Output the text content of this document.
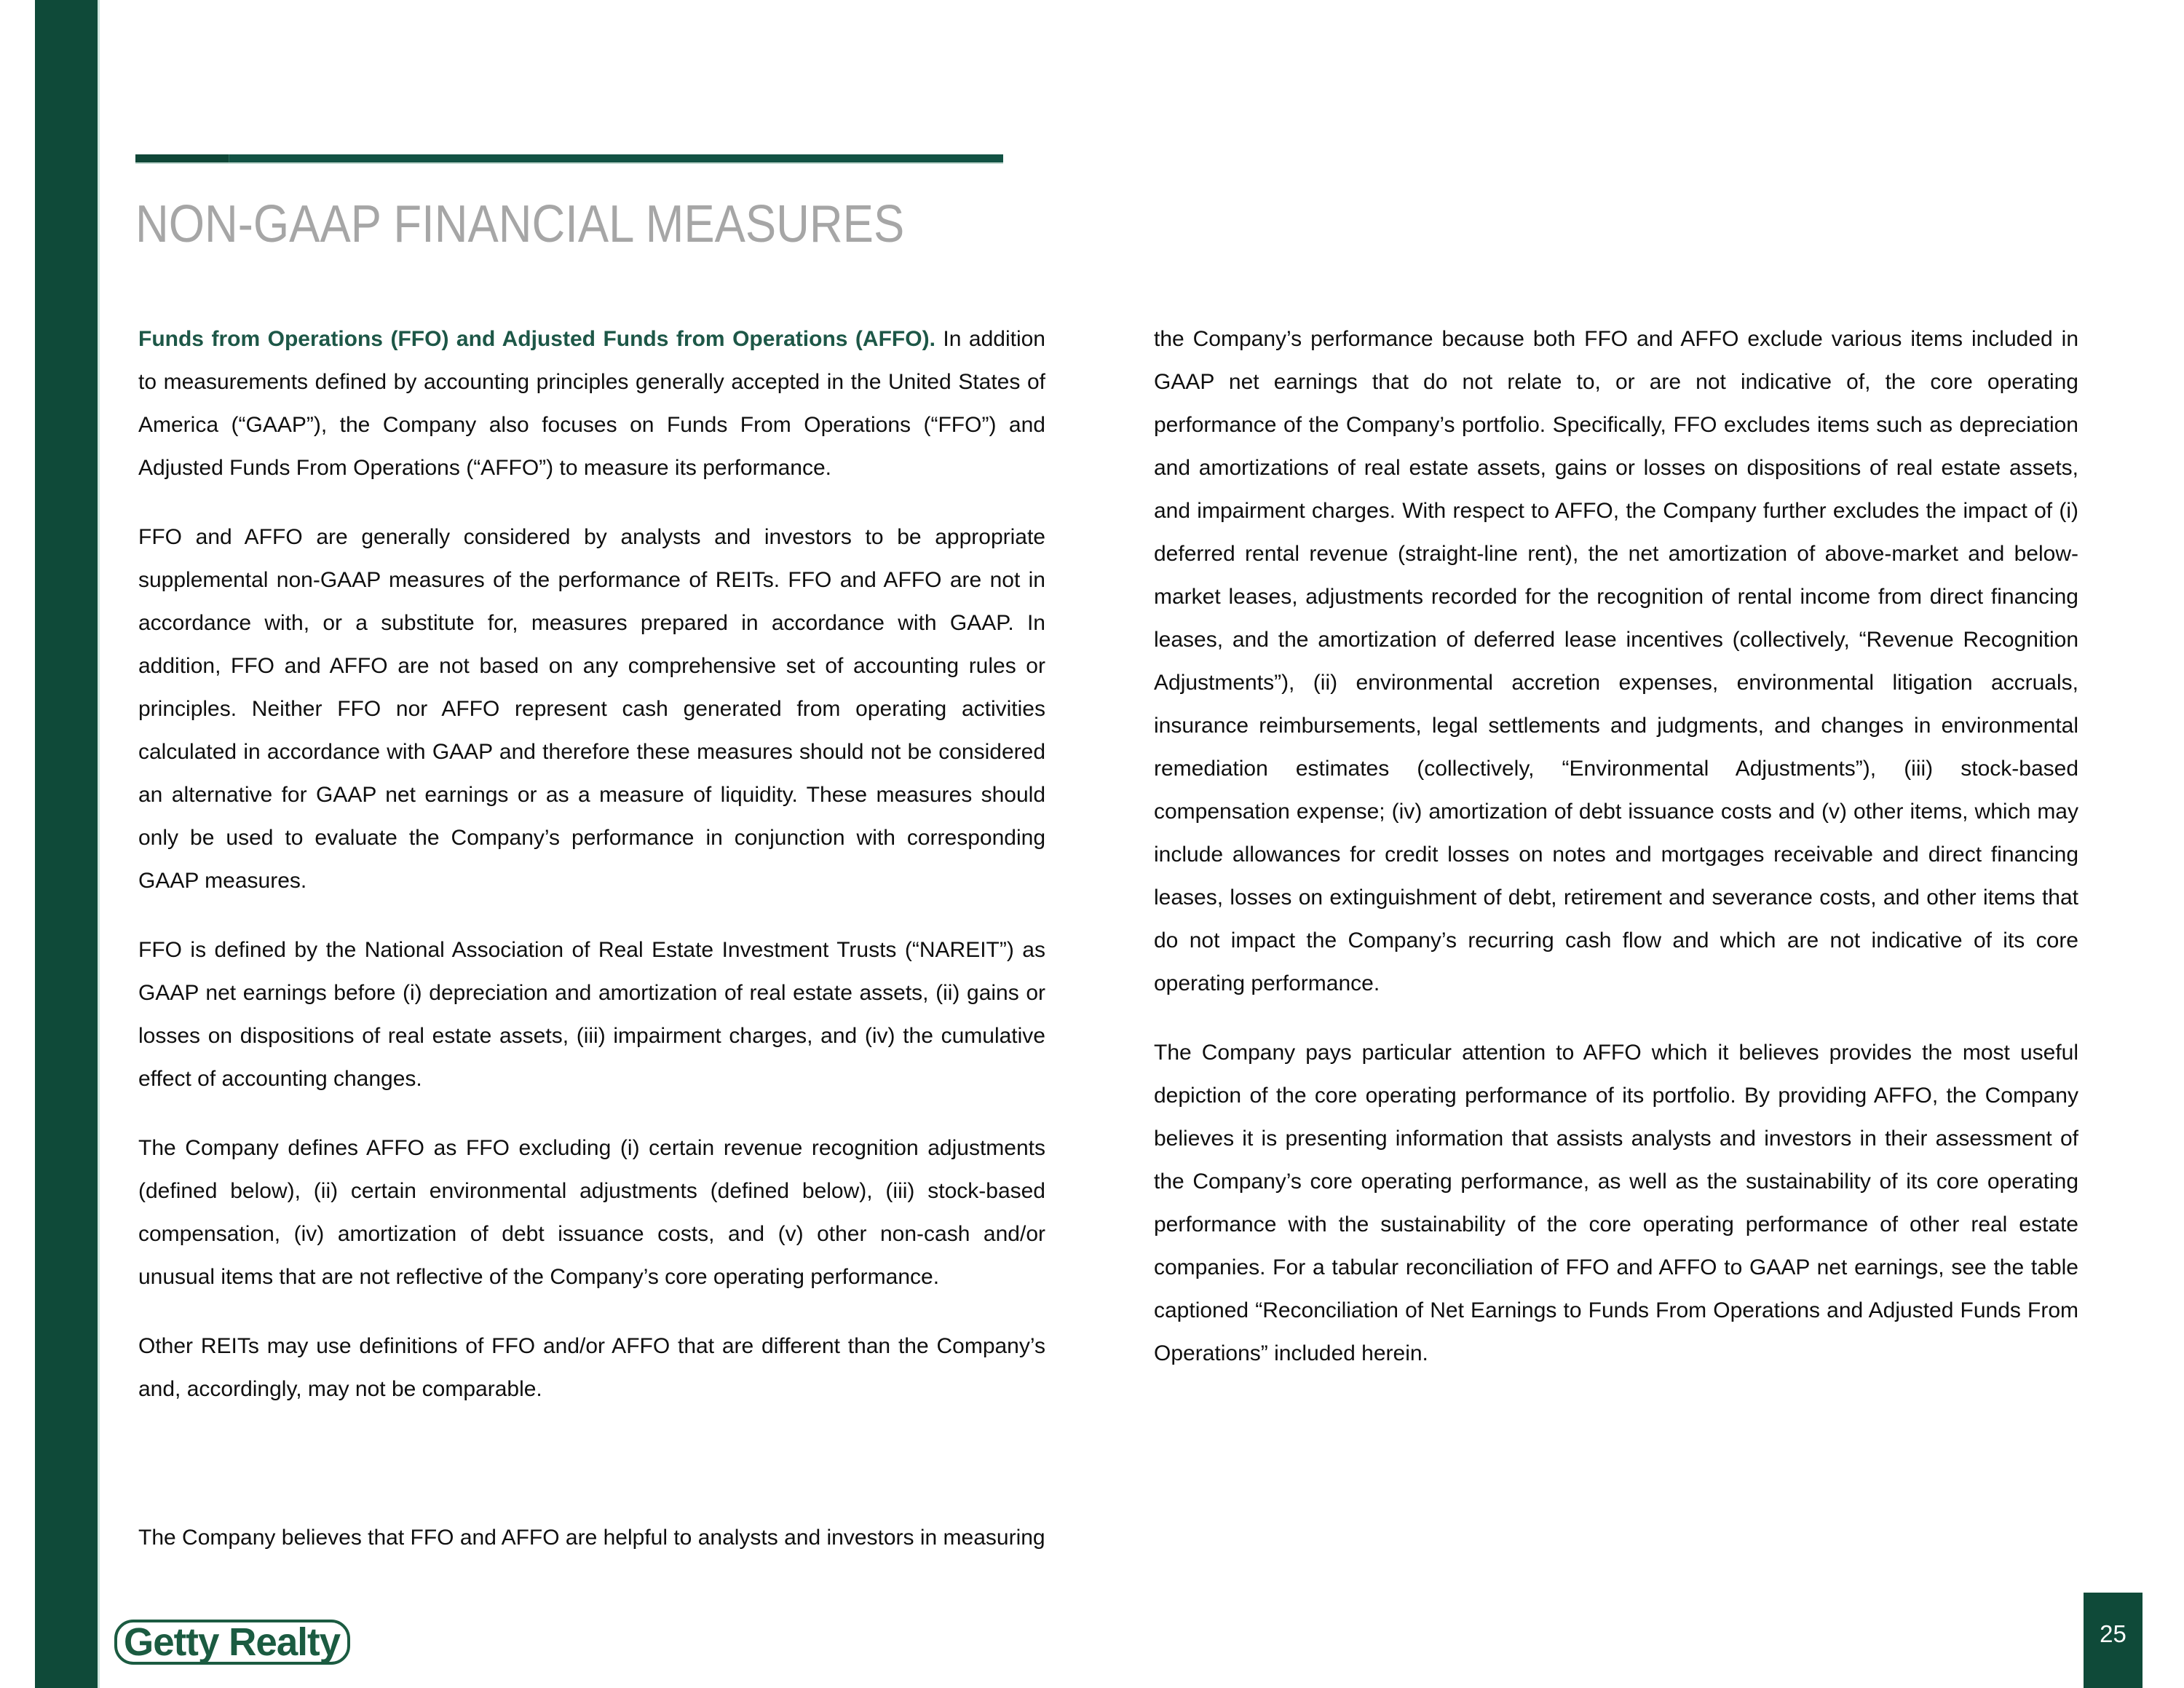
NON-GAAP FINANCIAL MEASURES

Funds from Operations (FFO) and Adjusted Funds from Operations (AFFO). In addition to measurements defined by accounting principles generally accepted in the United States of America (“GAAP”), the Company also focuses on Funds From Operations (“FFO”) and Adjusted Funds From Operations (“AFFO”) to measure its performance.

FFO and AFFO are generally considered by analysts and investors to be appropriate supplemental non-GAAP measures of the performance of REITs. FFO and AFFO are not in accordance with, or a substitute for, measures prepared in accordance with GAAP. In addition, FFO and AFFO are not based on any comprehensive set of accounting rules or principles. Neither FFO nor AFFO represent cash generated from operating activities calculated in accordance with GAAP and therefore these measures should not be considered an alternative for GAAP net earnings or as a measure of liquidity. These measures should only be used to evaluate the Company’s performance in conjunction with corresponding GAAP measures.

FFO is defined by the National Association of Real Estate Investment Trusts (“NAREIT”) as GAAP net earnings before (i) depreciation and amortization of real estate assets, (ii) gains or losses on dispositions of real estate assets, (iii) impairment charges, and (iv) the cumulative effect of accounting changes.

The Company defines AFFO as FFO excluding (i) certain revenue recognition adjustments (defined below), (ii) certain environmental adjustments (defined below), (iii) stock-based compensation, (iv) amortization of debt issuance costs, and (v) other non-cash and/or unusual items that are not reflective of the Company’s core operating performance.

Other REITs may use definitions of FFO and/or AFFO that are different than the Company’s and, accordingly, may not be comparable.

The Company believes that FFO and AFFO are helpful to analysts and investors in measuring

the Company’s performance because both FFO and AFFO exclude various items included in GAAP net earnings that do not relate to, or are not indicative of, the core operating performance of the Company’s portfolio. Specifically, FFO excludes items such as depreciation and amortizations of real estate assets, gains or losses on dispositions of real estate assets, and impairment charges. With respect to AFFO, the Company further excludes the impact of (i) deferred rental revenue (straight-line rent), the net amortization of above-market and below-market leases, adjustments recorded for the recognition of rental income from direct financing leases, and the amortization of deferred lease incentives (collectively, “Revenue Recognition Adjustments”), (ii) environmental accretion expenses, environmental litigation accruals, insurance reimbursements, legal settlements and judgments, and changes in environmental remediation estimates (collectively, “Environmental Adjustments”), (iii) stock-based compensation expense; (iv) amortization of debt issuance costs and (v) other items, which may include allowances for credit losses on notes and mortgages receivable and direct financing leases, losses on extinguishment of debt, retirement and severance costs, and other items that do not impact the Company’s recurring cash flow and which are not indicative of its core operating performance.

The Company pays particular attention to AFFO which it believes provides the most useful depiction of the core operating performance of its portfolio. By providing AFFO, the Company believes it is presenting information that assists analysts and investors in their assessment of the Company’s core operating performance, as well as the sustainability of its core operating performance with the sustainability of the core operating performance of other real estate companies. For a tabular reconciliation of FFO and AFFO to GAAP net earnings, see the table captioned “Reconciliation of Net Earnings to Funds From Operations and Adjusted Funds From Operations” included herein.

Getty Realty	25
